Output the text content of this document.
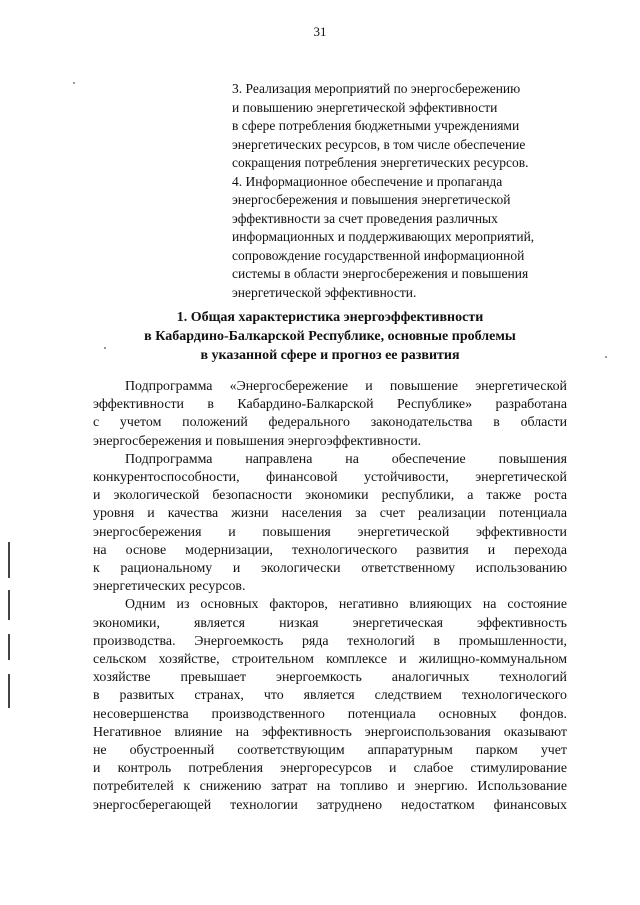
31
3. Реализация мероприятий по энергосбережению
и повышению энергетической эффективности
в сфере потребления бюджетными учреждениями
энергетических ресурсов, в том числе обеспечение
сокращения потребления энергетических ресурсов.
4. Информационное обеспечение и пропаганда
энергосбережения и повышения энергетической
эффективности за счет проведения различных
информационных и поддерживающих мероприятий,
сопровождение государственной информационной
системы в области энергосбережения и повышения
энергетической эффективности.
1. Общая характеристика энергоэффективности
в Кабардино-Балкарской Республике, основные проблемы
в указанной сфере и прогноз ее развития
Подпрограмма «Энергосбережение и повышение энергетической
эффективности в Кабардино-Балкарской Республике» разработана
с учетом положений федерального законодательства в области
энергосбережения и повышения энергоэффективности.
Подпрограмма направлена на обеспечение повышения
конкурентоспособности, финансовой устойчивости, энергетической
и экологической безопасности экономики республики, а также роста
уровня и качества жизни населения за счет реализации потенциала
энергосбережения и повышения энергетической эффективности
на основе модернизации, технологического развития и перехода
к рациональному и экологически ответственному использованию
энергетических ресурсов.
Одним из основных факторов, негативно влияющих на состояние
экономики, является низкая энергетическая эффективность
производства. Энергоемкость ряда технологий в промышленности,
сельском хозяйстве, строительном комплексе и жилищно-коммунальном
хозяйстве превышает энергоемкость аналогичных технологий
в развитых странах, что является следствием технологического
несовершенства производственного потенциала основных фондов.
Негативное влияние на эффективность энергоиспользования оказывают
не обустроенный соответствующим аппаратурным парком учет
и контроль потребления энергоресурсов и слабое стимулирование
потребителей к снижению затрат на топливо и энергию. Использование
энергосберегающей технологии затруднено недостатком финансовых
